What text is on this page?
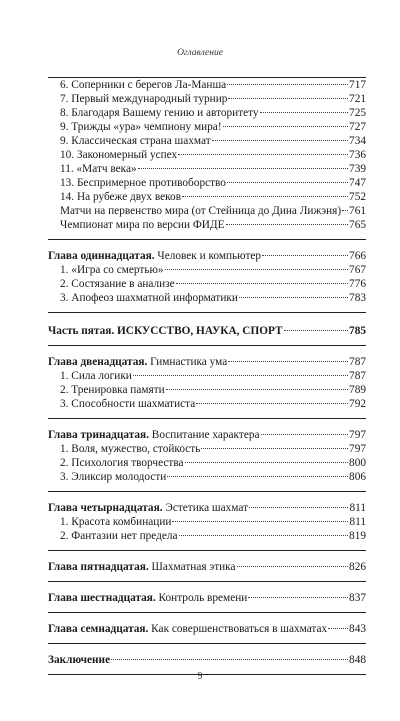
Оглавление
6. Соперники с берегов Ла-Манша	717
7. Первый международный турнир	721
8. Благодаря Вашему гению и авторитету	725
9. Трижды «ура» чемпиону мира!	727
9. Классическая страна шахмат	734
10. Закономерный успех	736
11. «Матч века»	739
13. Беспримерное противоборство	747
14. На рубеже двух веков	752
Матчи на первенство мира (от Стейница до Дина Лижэня) 761
Чемпионат мира по версии ФИДЕ	765
Глава одиннадцатая. Человек и компьютер	766
1. «Игра со смертью»	767
2. Состязание в анализе	776
3. Апофеоз шахматной информатики	783
Часть пятая. ИСКУССТВО, НАУКА, СПОРТ	785
Глава двенадцатая. Гимнастика ума	787
1. Сила логики	787
2. Тренировка памяти	789
3. Способности шахматиста	792
Глава тринадцатая. Воспитание характера	797
1. Воля, мужество, стойкость	797
2. Психология творчества	800
3. Эликсир молодости	806
Глава четырнадцатая. Эстетика шахмат	811
1. Красота комбинации	811
2. Фантазии нет предела	819
Глава пятнадцатая. Шахматная этика	826
Глава шестнадцатая. Контроль времени	837
Глава семнадцатая. Как совершенствоваться в шахматах 843
Заключение	848
9
